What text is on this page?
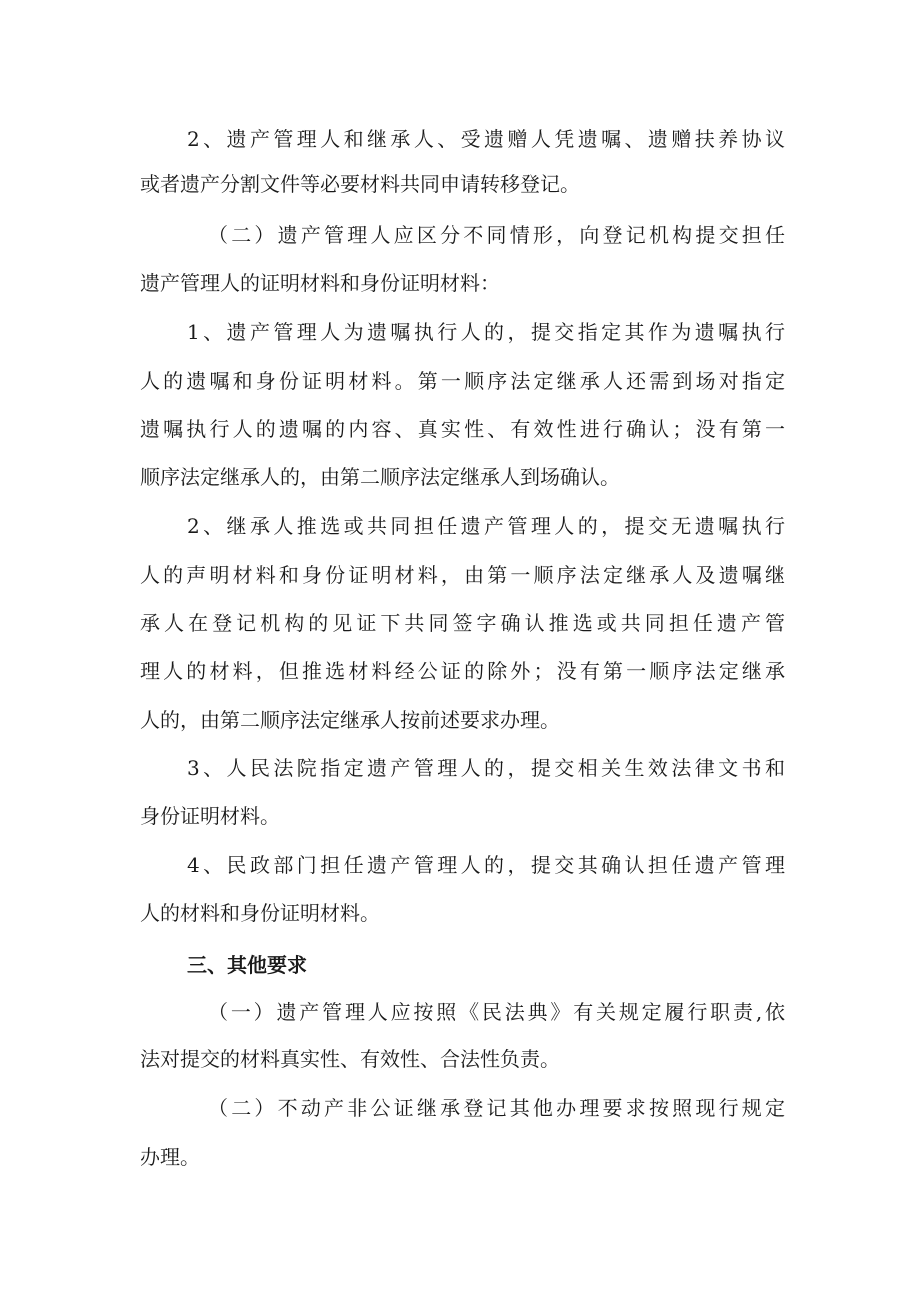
2、遗产管理人和继承人、受遗赠人凭遗嘱、遗赠扶养协议
或者遗产分割文件等必要材料共同申请转移登记。
（二）遗产管理人应区分不同情形，向登记机构提交担任
遗产管理人的证明材料和身份证明材料：
1、遗产管理人为遗嘱执行人的，提交指定其作为遗嘱执行
人的遗嘱和身份证明材料。第一顺序法定继承人还需到场对指定
遗嘱执行人的遗嘱的内容、真实性、有效性进行确认；没有第一
顺序法定继承人的，由第二顺序法定继承人到场确认。
2、继承人推选或共同担任遗产管理人的，提交无遗嘱执行
人的声明材料和身份证明材料，由第一顺序法定继承人及遗嘱继
承人在登记机构的见证下共同签字确认推选或共同担任遗产管
理人的材料，但推选材料经公证的除外；没有第一顺序法定继承
人的，由第二顺序法定继承人按前述要求办理。
3、人民法院指定遗产管理人的，提交相关生效法律文书和
身份证明材料。
4、民政部门担任遗产管理人的，提交其确认担任遗产管理
人的材料和身份证明材料。
三、其他要求
（一）遗产管理人应按照《民法典》有关规定履行职责,依
法对提交的材料真实性、有效性、合法性负责。
（二）不动产非公证继承登记其他办理要求按照现行规定
办理。
